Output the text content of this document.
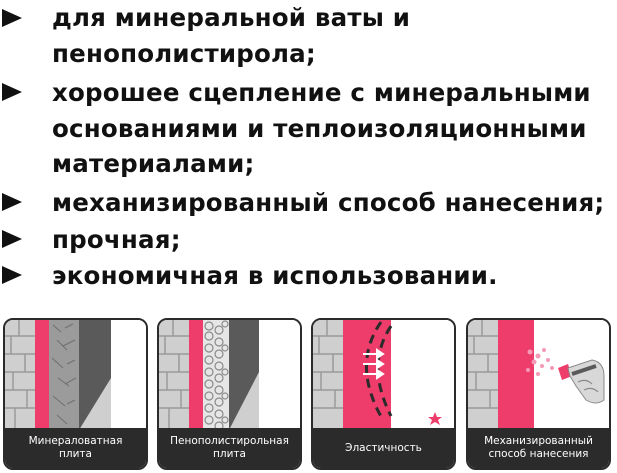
для минеральной ваты и
пенополистирола;
хорошее сцепление с минеральными
основаниями и теплоизоляционными
материалами;
механизированный способ нанесения;
прочная;
экономичная в использовании.
Минераловатная
плита
Пенополистирольная
плита
Эластичность
Механизированный
способ нанесения
